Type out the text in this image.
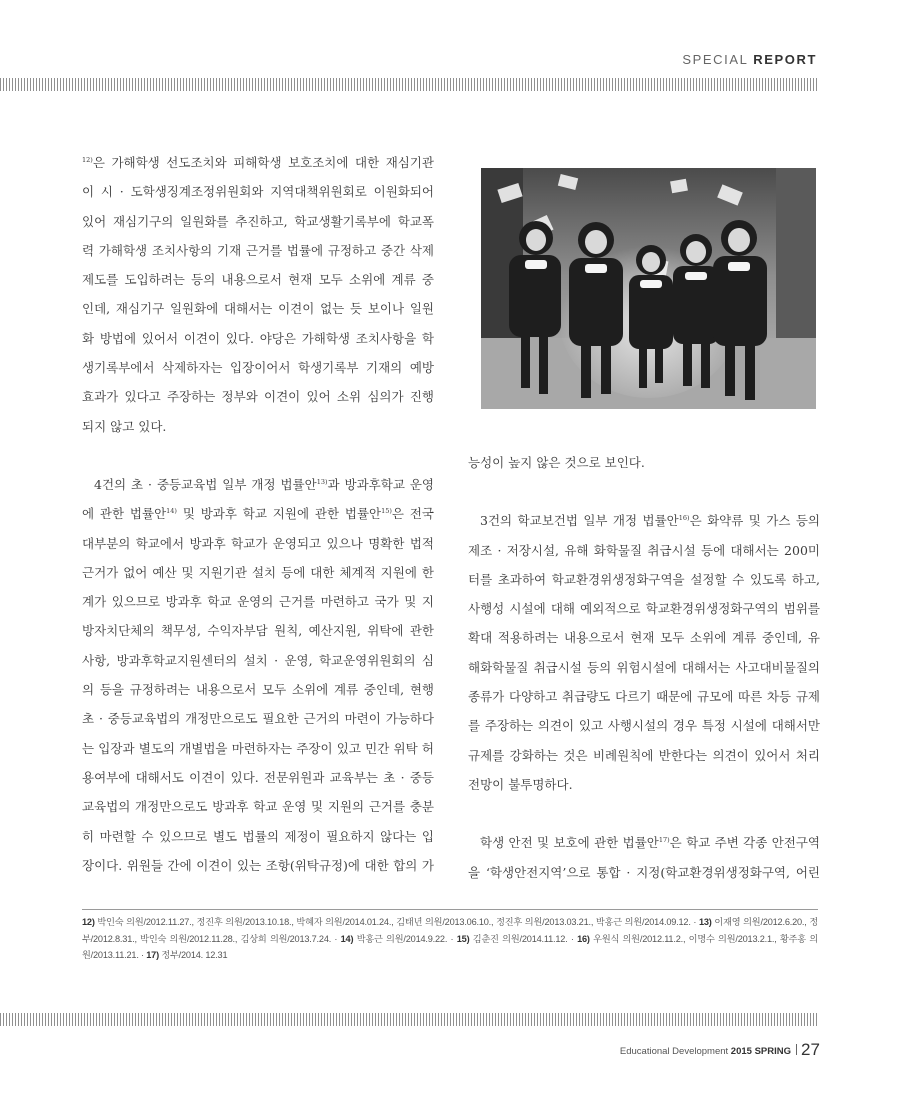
SPECIAL REPORT

$^{12)}$은 가해학생 선도조치와 피해학생 보호조치에 대한 재심기관

이 시 · 도학생징계조정위원회와 지역대책위원회로 이원화되어

있어 재심기구의 일원화를 추진하고, 학교생활기록부에 학교폭

력 가해학생 조치사항의 기재 근거를 법률에 규정하고 중간 삭제

제도를 도입하려는 등의 내용으로서 현재 모두 소위에 계류 중

인데, 재심기구 일원화에 대해서는 이견이 없는 듯 보이나 일원

화 방법에 있어서 이견이 있다. 야당은 가해학생 조치사항을 학

생기록부에서 삭제하자는 입장이어서 학생기록부 기재의 예방

효과가 있다고 주장하는 정부와 이견이 있어 소위 심의가 진행

되지 않고 있다.

4건의 초 · 중등교육법 일부 개정 법률안$^{13)}$과 방과후학교 운영

에 관한 법률안$^{14)}$ 및 방과후 학교 지원에 관한 법률안$^{15)}$은 전국

대부분의 학교에서 방과후 학교가 운영되고 있으나 명확한 법적

근거가 없어 예산 및 지원기관 설치 등에 대한 체계적 지원에 한

계가 있으므로 방과후 학교 운영의 근거를 마련하고 국가 및 지

방자치단체의 책무성, 수익자부담 원칙, 예산지원, 위탁에 관한

사항, 방과후학교지원센터의 설치 · 운영, 학교운영위원회의 심

의 등을 규정하려는 내용으로서 모두 소위에 계류 중인데, 현행

초 · 중등교육법의 개정만으로도 필요한 근거의 마련이 가능하다

는 입장과 별도의 개별법을 마련하자는 주장이 있고 민간 위탁 허

용여부에 대해서도 이견이 있다. 전문위원과 교육부는 초 · 중등

교육법의 개정만으로도 방과후 학교 운영 및 지원의 근거를 충분

히 마련할 수 있으므로 별도 법률의 제정이 필요하지 않다는 입

장이다. 위원들 간에 이견이 있는 조항(위탁규정)에 대한 합의 가

능성이 높지 않은 것으로 보인다.

3건의 학교보건법 일부 개정 법률안$^{16)}$은 화약류 및 가스 등의

제조 · 저장시설, 유해 화학물질 취급시설 등에 대해서는 200미

터를 초과하여 학교환경위생정화구역을 설정할 수 있도록 하고,

사행성 시설에 대해 예외적으로 학교환경위생정화구역의 범위를

확대 적용하려는 내용으로서 현재 모두 소위에 계류 중인데, 유

해화학물질 취급시설 등의 위험시설에 대해서는 사고대비물질의

종류가 다양하고 취급량도 다르기 때문에 규모에 따른 차등 규제

를 주장하는 의견이 있고 사행시설의 경우 특정 시설에 대해서만

규제를 강화하는 것은 비례원칙에 반한다는 의견이 있어서 처리

전망이 불투명하다.

학생 안전 및 보호에 관한 법률안$^{17)}$은 학교 주변 각종 안전구역

을 ‘학생안전지역’으로 통합 · 지정(학교환경위생정화구역, 어린

12) 박인숙 의원/2012.11.27., 정진후 의원/2013.10.18., 박혜자 의원/2014.01.24., 김태년 의원/2013.06.10., 정진후 의원/2013.03.21., 박홍근 의원/2014.09.12. · 13) 이재영 의원/2012.6.20., 정부/2012.8.31., 박인숙 의원/2012.11.28., 김상희 의원/2013.7.24. · 14) 박홍근 의원/2014.9.22. · 15) 김춘진 의원/2014.11.12. · 16) 우원식 의원/2012.11.2., 이명수 의원/2013.2.1., 황주홍 의원/2013.11.21. · 17) 정부/2014. 12.31
Educational Development 2015 SPRING 27
